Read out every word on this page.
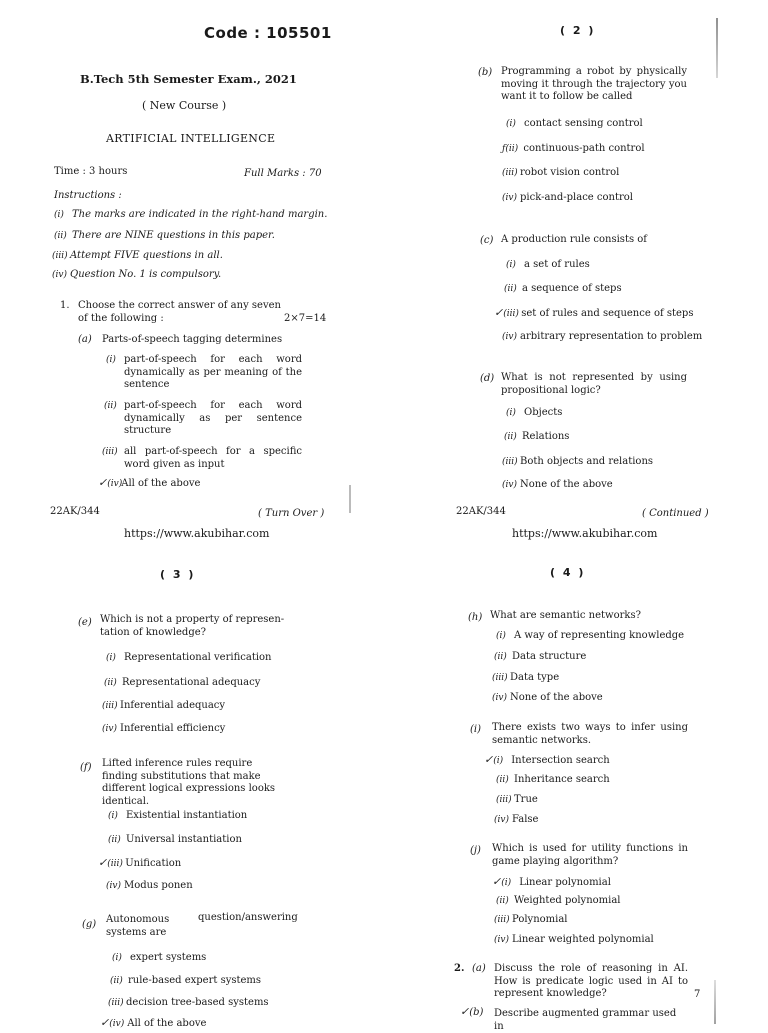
Code : 105501
B.Tech 5th Semester Exam., 2021
( New Course )
ARTIFICIAL INTELLIGENCE
Time : 3 hours	Full Marks : 70
Instructions :
(i) The marks are indicated in the right-hand margin.
(ii) There are NINE questions in this paper.
(iii) Attempt FIVE questions in all.
(iv) Question No. 1 is compulsory.
1. Choose the correct answer of any seven
of the following :	2×7=14
(a) Parts-of-speech tagging determines
(i) part-of-speech for each word dynamically as per meaning of the sentence
(ii) part-of-speech for each word dynamically as per sentence structure
(iii) all part-of-speech for a specific word given as input
✓(iv)All of the above
22AK/344	( Turn Over )
https://www.akubihar.com
( 2 )
(b) Programming a robot by physically moving it through the trajectory you want it to follow be called
(i) contact sensing control
ƒ(ii) continuous-path control
(iii) robot vision control
(iv) pick-and-place control
(c) A production rule consists of
(i) a set of rules
(ii) a sequence of steps
✓(iii) set of rules and sequence of steps
(iv) arbitrary representation to problem
(d) What is not represented by using propositional logic?
(i) Objects
(ii) Relations
(iii) Both objects and relations
(iv) None of the above
22AK/344	( Continued )
https://www.akubihar.com
( 3 )
(e) Which is not a property of represen- tation of knowledge?
(i) Representational verification
(ii) Representational adequacy
(iii) Inferential adequacy
(iv) Inferential efficiency
(f) Lifted inference rules require finding substitutions that make different logical expressions looks identical.
(i) Existential instantiation
(ii) Universal instantiation
✓(iii) Unification
(iv) Modus ponen
(g) Autonomous	question/answering
systems are
(i) expert systems
(ii) rule-based expert systems
(iii) decision tree-based systems
✓(iv) All of the above
( 4 )
(h) What are semantic networks?
(i) A way of representing knowledge
(ii) Data structure
(iii) Data type
(iv) None of the above
(i) There exists two ways to infer using semantic networks.
✓(i) Intersection search
(ii) Inheritance search
(iii) True
(iv) False
(j) Which is used for utility functions in game playing algorithm?
✓(i) Linear polynomial
(ii) Weighted polynomial
(iii) Polynomial
(iv) Linear weighted polynomial
2. (a) Discuss the role of reasoning in AI. How is predicate logic used in AI to represent knowledge?	7
✓(b) Describe augmented grammar used in
